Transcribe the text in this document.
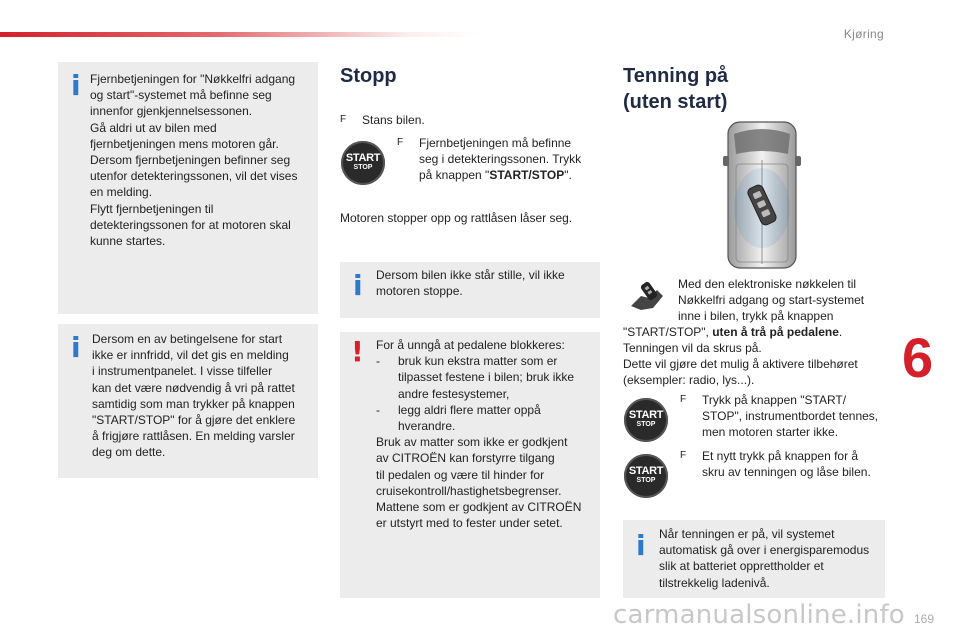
Kjøring
i Fjernbetjeningen for "Nøkkelfri adgang
og start"-systemet må befinne seg
innenfor gjenkjennelsessonen.
Gå aldri ut av bilen med
fjernbetjeningen mens motoren går.
Dersom fjernbetjeningen befinner seg
utenfor detekteringssonen, vil det vises
en melding.
Flytt fjernbetjeningen til
detekteringssonen for at motoren skal
kunne startes.
i Dersom en av betingelsene for start
ikke er innfridd, vil det gis en melding
i instrumentpanelet. I visse tilfeller
kan det være nødvendig å vri på rattet
samtidig som man trykker på knappen
"START/STOP" for å gjøre det enklere
å frigjøre rattlåsen. En melding varsler
deg om dette.
Stopp
F Stans bilen.
START
STOP
F Fjernbetjeningen må befinne
seg i detekteringssonen. Trykk
på knappen "START/STOP".
Motoren stopper opp og rattlåsen låser seg.
i Dersom bilen ikke står stille, vil ikke
motoren stoppe.
! For å unngå at pedalene blokkeres:
- bruk kun ekstra matter som er
tilpasset festene i bilen; bruk ikke
andre festesystemer,
- legg aldri flere matter oppå
hverandre.
Bruk av matter som ikke er godkjent
av CITROËN kan forstyrre tilgang
til pedalen og være til hinder for
cruisekontroll/hastighetsbegrenser.
Mattene som er godkjent av CITROËN
er utstyrt med to fester under setet.
Tenning på
(uten start)
Med den elektroniske nøkkelen til
Nøkkelfri adgang og start-systemet
inne i bilen, trykk på knappen
"START/STOP", uten å trå på pedalene.
Tenningen vil da skrus på.
Dette vil gjøre det mulig å aktivere tilbehøret
(eksempler: radio, lys...).
START
STOP
F Trykk på knappen "START/
STOP", instrumentbordet tennes,
men motoren starter ikke.
START
STOP
F Et nytt trykk på knappen for å
skru av tenningen og låse bilen.
i Når tenningen er på, vil systemet
automatisk gå over i energisparemodus
slik at batteriet opprettholder et
tilstrekkelig ladenivå.
6
carmanualsonline.info 169
